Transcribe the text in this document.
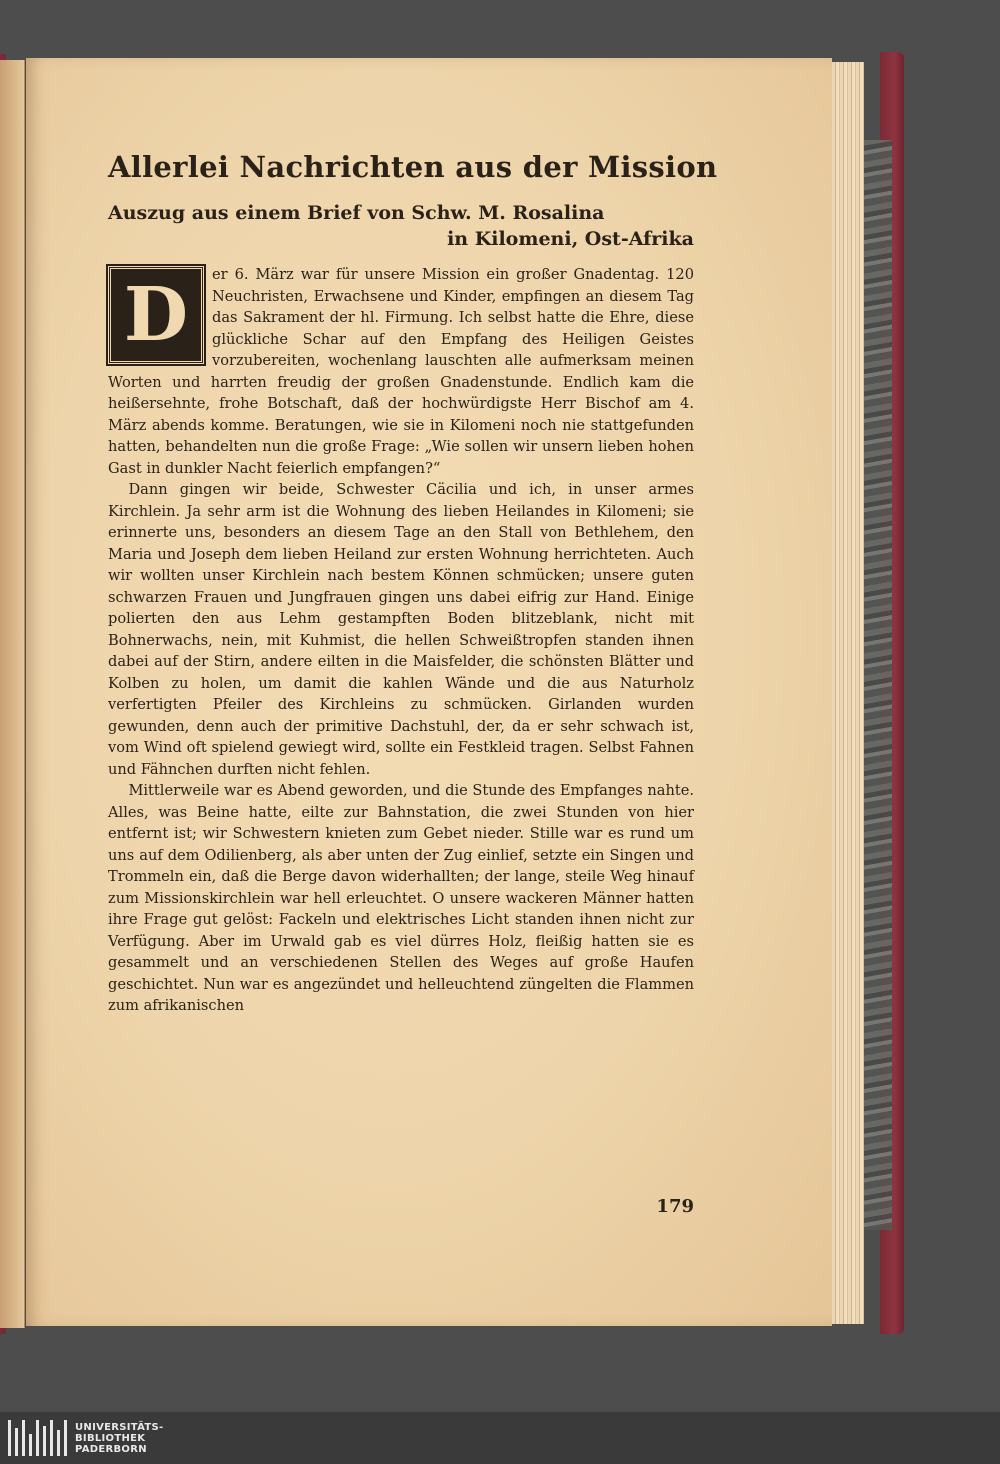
Allerlei Nachrichten aus der Mission
Auszug aus einem Brief von Schw. M. Rosalina
in Kilomeni, Ost-Afrika

D	er 6. März war für unsere Mission ein großer Gnadentag. 120 Neuchristen, Erwachsene und Kinder, empfingen an diesem Tag das Sakrament der hl. Firmung. Ich selbst hatte die Ehre, diese glückliche Schar auf den Empfang des Heiligen Geistes vorzubereiten, wochenlang lauschten alle aufmerksam meinen Worten und harrten freudig der großen Gnadenstunde. Endlich kam die heißersehnte, frohe Botschaft, daß der hochwürdigste Herr Bischof am 4. März abends komme. Beratungen, wie sie in Kilomeni noch nie stattgefunden hatten, behandelten nun die große Frage: „Wie sollen wir unsern lieben hohen Gast in dunkler Nacht feierlich empfangen?“

Dann gingen wir beide, Schwester Cäcilia und ich, in unser armes Kirchlein. Ja sehr arm ist die Wohnung des lieben Heilandes in Kilomeni; sie erinnerte uns, besonders an diesem Tage an den Stall von Bethlehem, den Maria und Joseph dem lieben Heiland zur ersten Wohnung herrichteten. Auch wir wollten unser Kirchlein nach bestem Können schmücken; unsere guten schwarzen Frauen und Jungfrauen gingen uns dabei eifrig zur Hand. Einige polierten den aus Lehm gestampften Boden blitzeblank, nicht mit Bohnerwachs, nein, mit Kuhmist, die hellen Schweißtropfen standen ihnen dabei auf der Stirn, andere eilten in die Maisfelder, die schönsten Blätter und Kolben zu holen, um damit die kahlen Wände und die aus Naturholz verfertigten Pfeiler des Kirchleins zu schmücken. Girlanden wurden gewunden, denn auch der primitive Dachstuhl, der, da er sehr schwach ist, vom Wind oft spielend gewiegt wird, sollte ein Festkleid tragen. Selbst Fahnen und Fähnchen durften nicht fehlen.

Mittlerweile war es Abend geworden, und die Stunde des Empfanges nahte. Alles, was Beine hatte, eilte zur Bahnstation, die zwei Stunden von hier entfernt ist; wir Schwestern knieten zum Gebet nieder. Stille war es rund um uns auf dem Odilienberg, als aber unten der Zug einlief, setzte ein Singen und Trommeln ein, daß die Berge davon widerhallten; der lange, steile Weg hinauf zum Missionskirchlein war hell erleuchtet. O unsere wackeren Männer hatten ihre Frage gut gelöst: Fackeln und elektrisches Licht standen ihnen nicht zur Verfügung. Aber im Urwald gab es viel dürres Holz, fleißig hatten sie es gesammelt und an verschiedenen Stellen des Weges auf große Haufen geschichtet. Nun war es angezündet und helleuchtend züngelten die Flammen zum afrikanischen

179
UNIVERSITÄTS-
BIBLIOTHEK
PADERBORN
